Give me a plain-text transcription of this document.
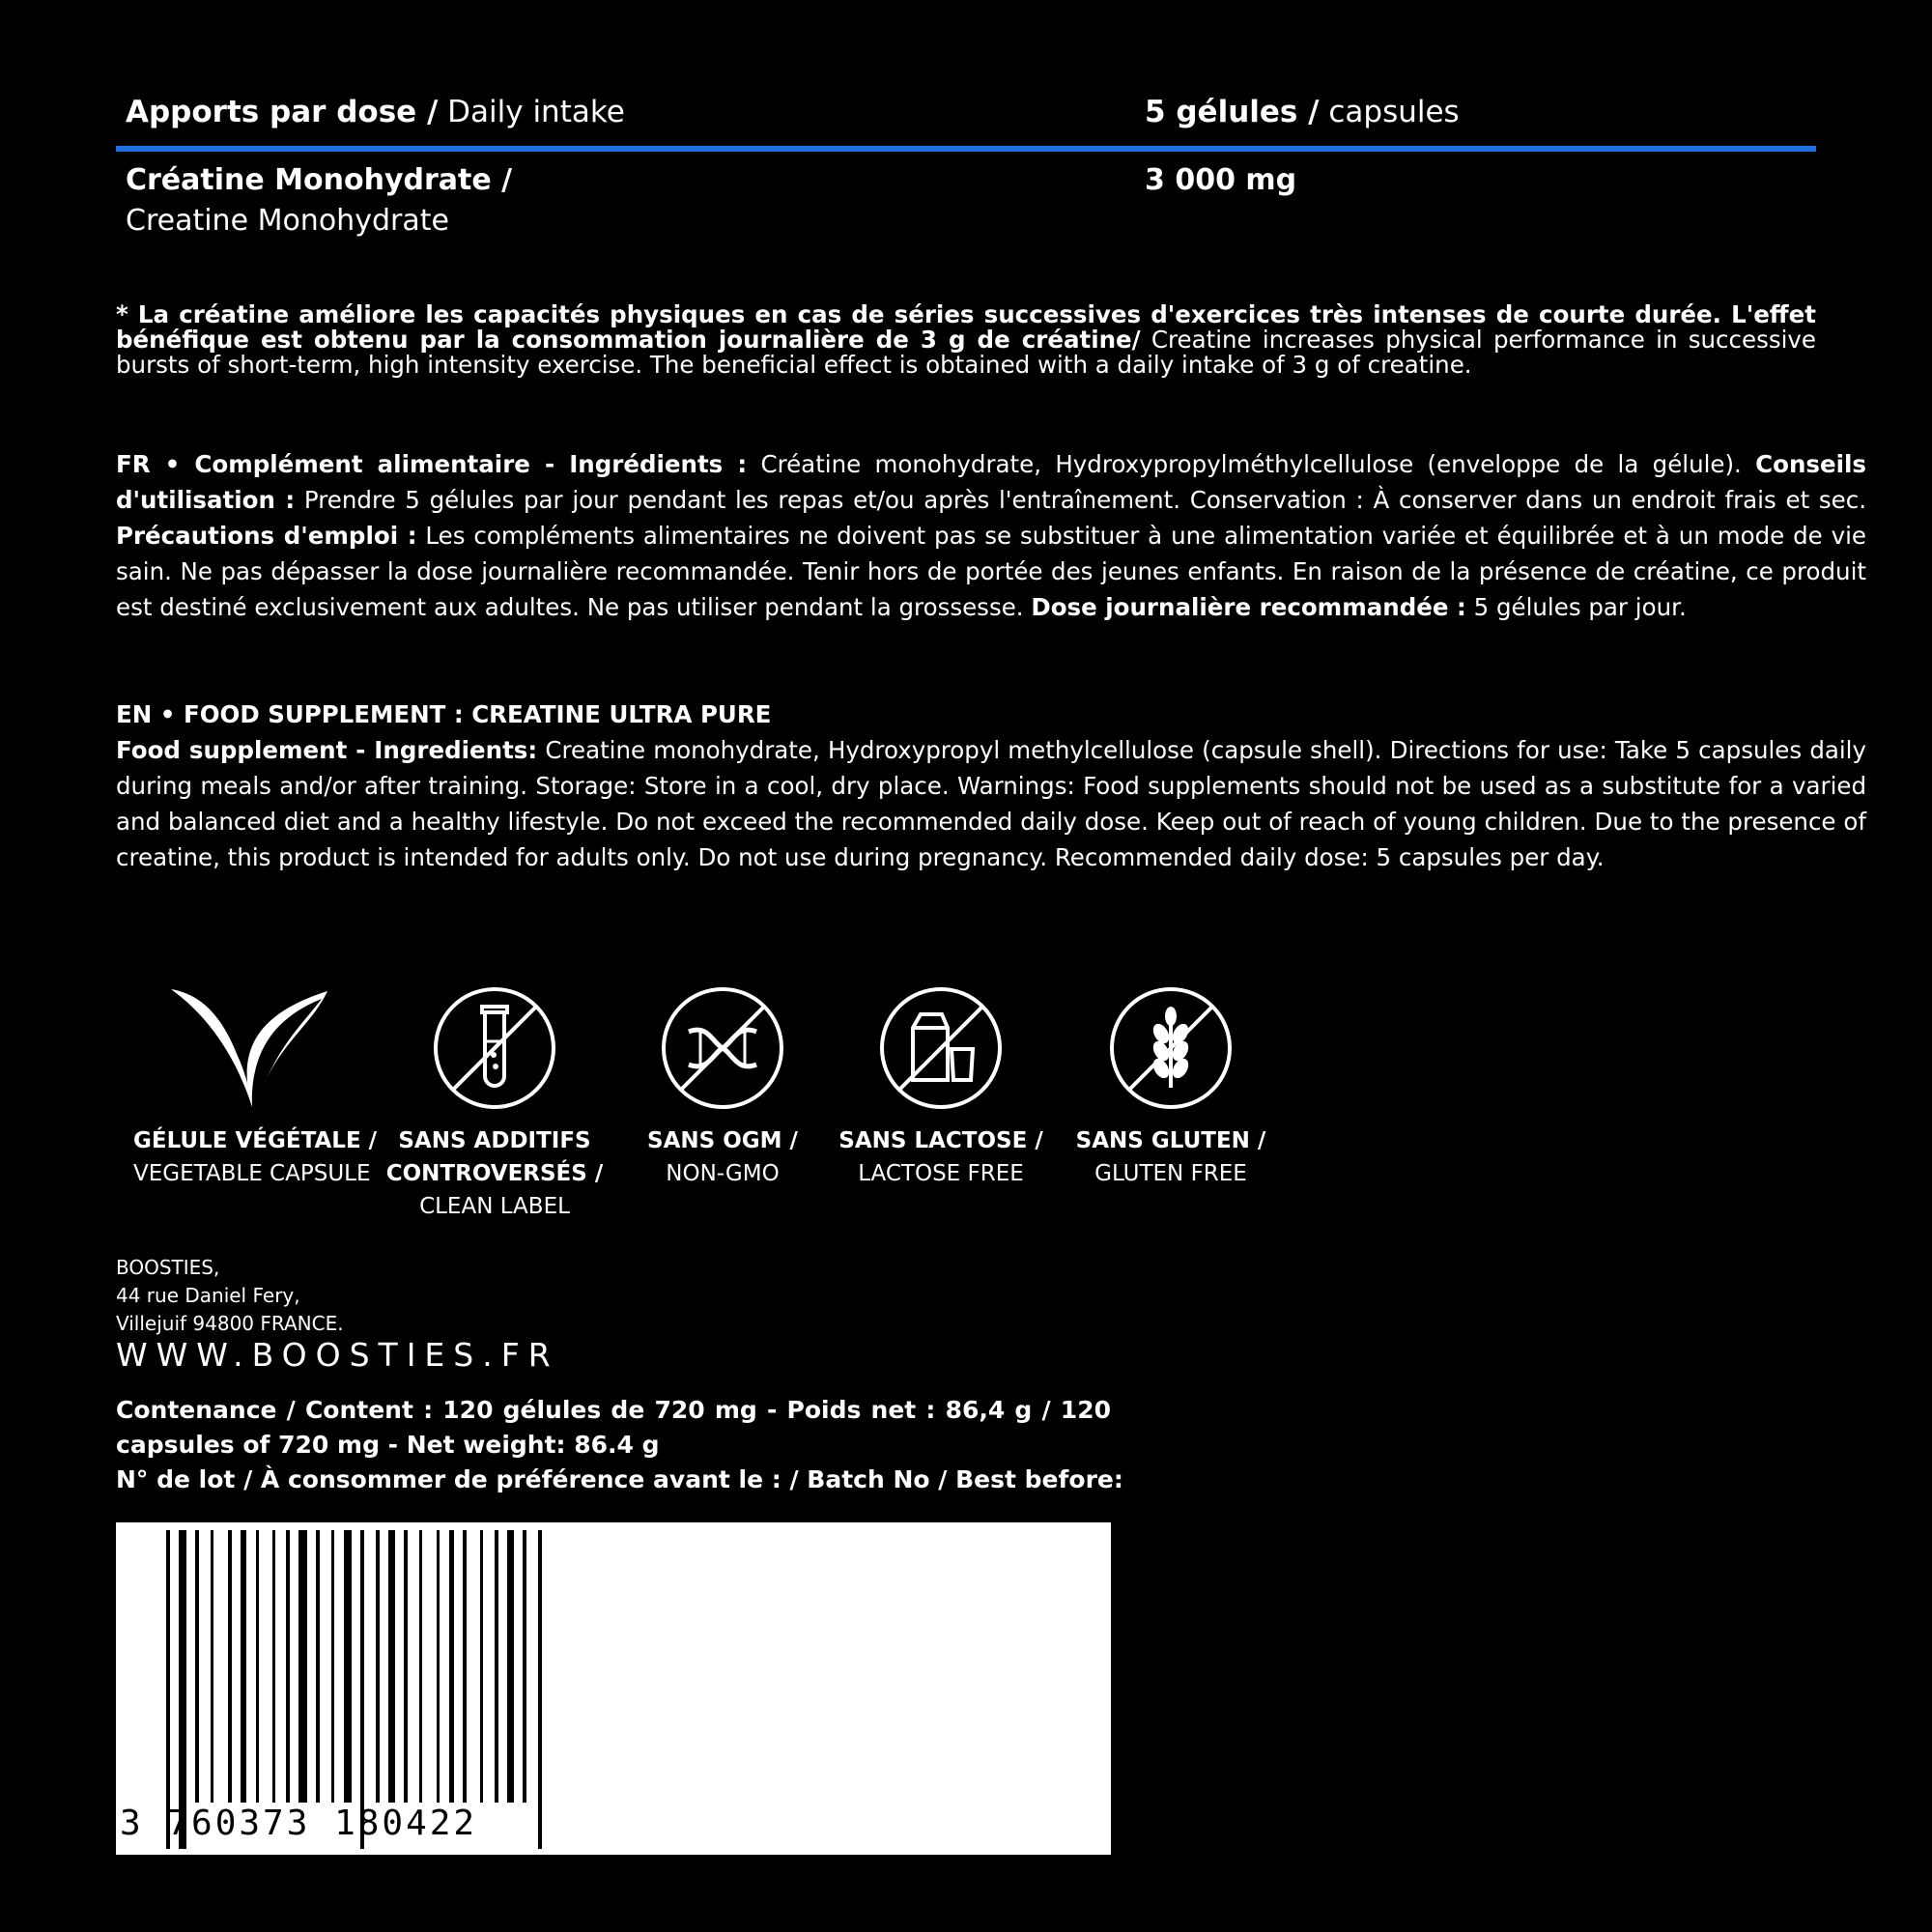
Apports par dose / Daily intake	5 gélules / capsules
Créatine Monohydrate /
Creatine Monohydrate
3 000 mg
* La créatine améliore les capacités physiques en cas de séries successives d'exercices très intenses de courte durée. L'effet bénéfique est obtenu par la consommation journalière de 3 g de créatine/ Creatine increases physical performance in successive bursts of short-term, high intensity exercise. The beneficial effect is obtained with a daily intake of 3 g of creatine.
FR • Complément alimentaire - Ingrédients : Créatine monohydrate, Hydroxypropylméthylcellulose (enveloppe de la gélule). Conseils d'utilisation : Prendre 5 gélules par jour pendant les repas et/ou après l'entraînement. Conservation : À conserver dans un endroit frais et sec. Précautions d'emploi : Les compléments alimentaires ne doivent pas se substituer à une alimentation variée et équilibrée et à un mode de vie sain. Ne pas dépasser la dose journalière recommandée. Tenir hors de portée des jeunes enfants. En raison de la présence de créatine, ce produit est destiné exclusivement aux adultes. Ne pas utiliser pendant la grossesse. Dose journalière recommandée : 5 gélules par jour.
EN • FOOD SUPPLEMENT : CREATINE ULTRA PURE
Food supplement - Ingredients: Creatine monohydrate, Hydroxypropyl methylcellulose (capsule shell). Directions for use: Take 5 capsules daily during meals and/or after training. Storage: Store in a cool, dry place. Warnings: Food supplements should not be used as a substitute for a varied and balanced diet and a healthy lifestyle. Do not exceed the recommended daily dose. Keep out of reach of young children. Due to the presence of creatine, this product is intended for adults only. Do not use during pregnancy. Recommended daily dose: 5 capsules per day.
GÉLULE VÉGÉTALE /
VEGETABLE CAPSULE
SANS ADDITIFS
CONTROVERSÉS /
CLEAN LABEL
SANS OGM /
NON-GMO
SANS LACTOSE /
LACTOSE FREE
SANS GLUTEN /
GLUTEN FREE
BOOSTIES,
44 rue Daniel Fery,
Villejuif 94800 FRANCE.
WWW.BOOSTIES.FR
Contenance / Content : 120 gélules de 720 mg - Poids net : 86,4 g / 120 capsules of 720 mg - Net weight: 86.4 g
N° de lot / À consommer de préférence avant le : / Batch No / Best before:
3 760373 180422
